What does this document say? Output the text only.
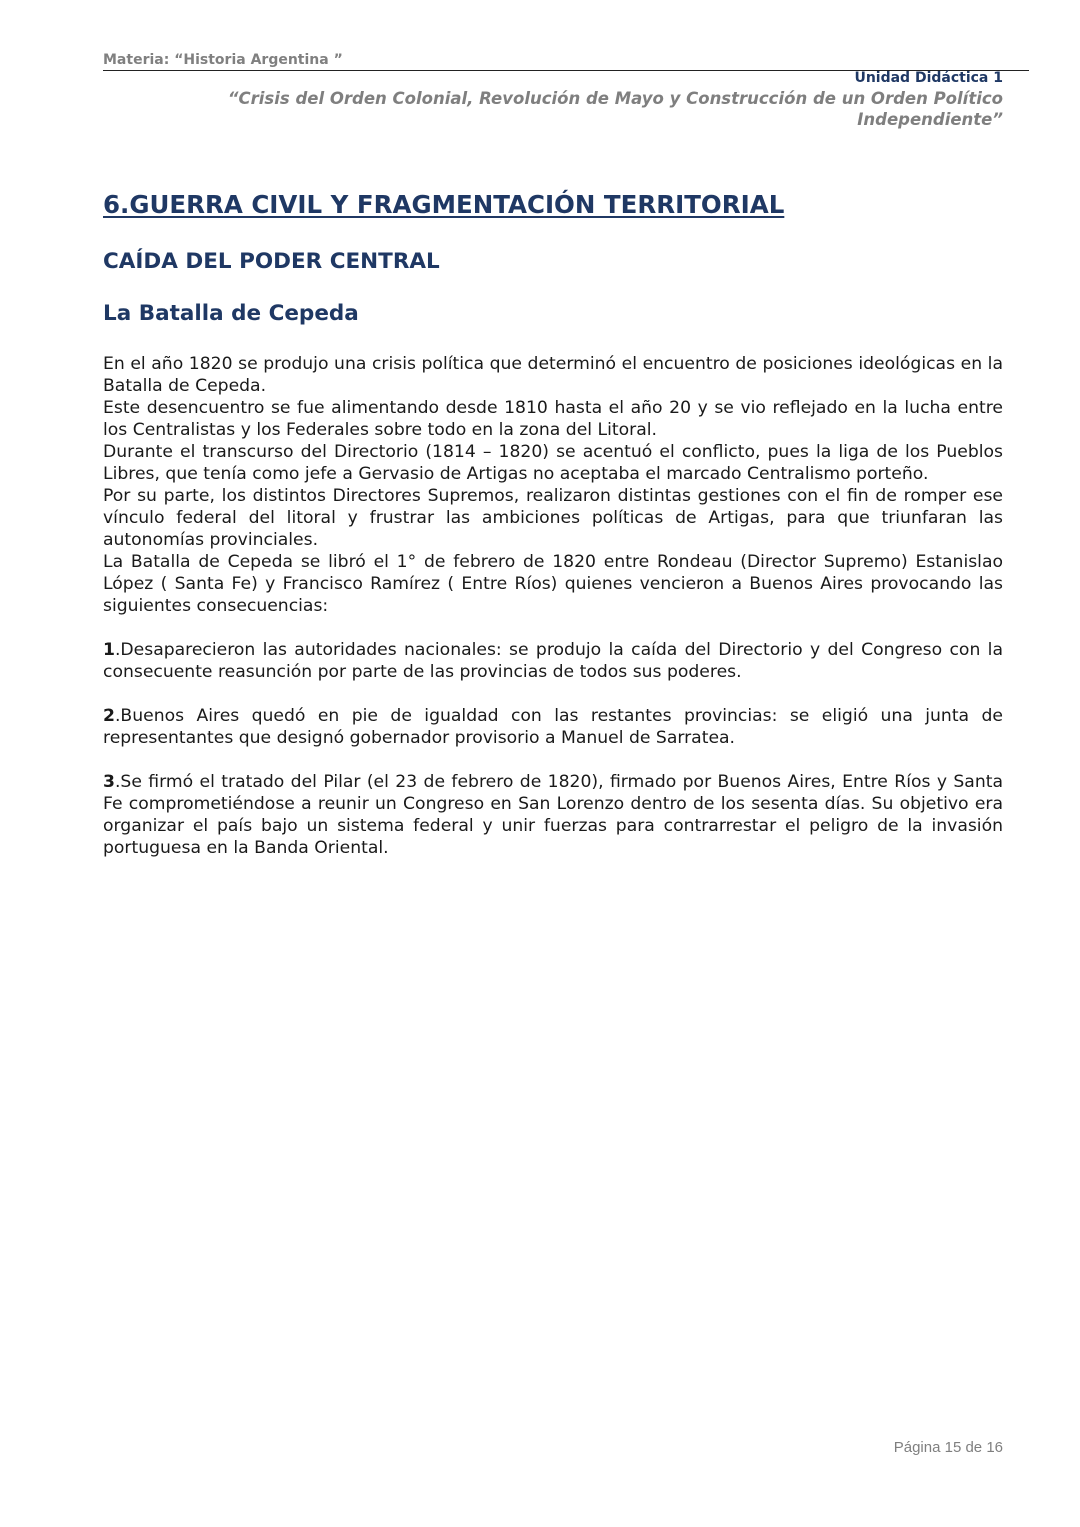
Materia: “Historia Argentina ”
Unidad Didáctica 1
“Crisis del Orden Colonial, Revolución de Mayo y Construcción de un Orden Político Independiente”
6.GUERRA CIVIL Y FRAGMENTACIÓN TERRITORIAL
CAÍDA DEL PODER CENTRAL
La Batalla de Cepeda

En el año 1820 se produjo una crisis política que determinó el encuentro de posiciones ideológicas en la Batalla de Cepeda.

Este desencuentro se fue alimentando desde 1810 hasta el año 20 y se vio reflejado en la lucha entre los Centralistas y los Federales sobre todo en la zona del Litoral.

Durante el transcurso del Directorio (1814 – 1820) se acentuó el conflicto, pues la liga de los Pueblos Libres, que tenía como jefe a Gervasio de Artigas no aceptaba el marcado Centralismo porteño.

Por su parte, los distintos Directores Supremos, realizaron distintas gestiones con el fin de romper ese vínculo federal del litoral y frustrar las ambiciones políticas de Artigas, para que triunfaran las autonomías provinciales.

La Batalla de Cepeda se libró el 1° de febrero de 1820 entre Rondeau (Director Supremo) Estanislao López ( Santa Fe) y Francisco Ramírez ( Entre Ríos) quienes vencieron a Buenos Aires provocando las siguientes consecuencias:

1.Desaparecieron las autoridades nacionales: se produjo la caída del Directorio y del Congreso con la consecuente reasunción por parte de las provincias de todos sus poderes.

2.Buenos Aires quedó en pie de igualdad con las restantes provincias: se eligió una junta de representantes que designó gobernador provisorio a Manuel de Sarratea.

3.Se firmó el tratado del Pilar (el 23 de febrero de 1820), firmado por Buenos Aires, Entre Ríos y Santa Fe comprometiéndose a reunir un Congreso en San Lorenzo dentro de los sesenta días. Su objetivo era organizar el país bajo un sistema federal y unir fuerzas para contrarrestar el peligro de la invasión portuguesa en la Banda Oriental.

Página 15 de 16
